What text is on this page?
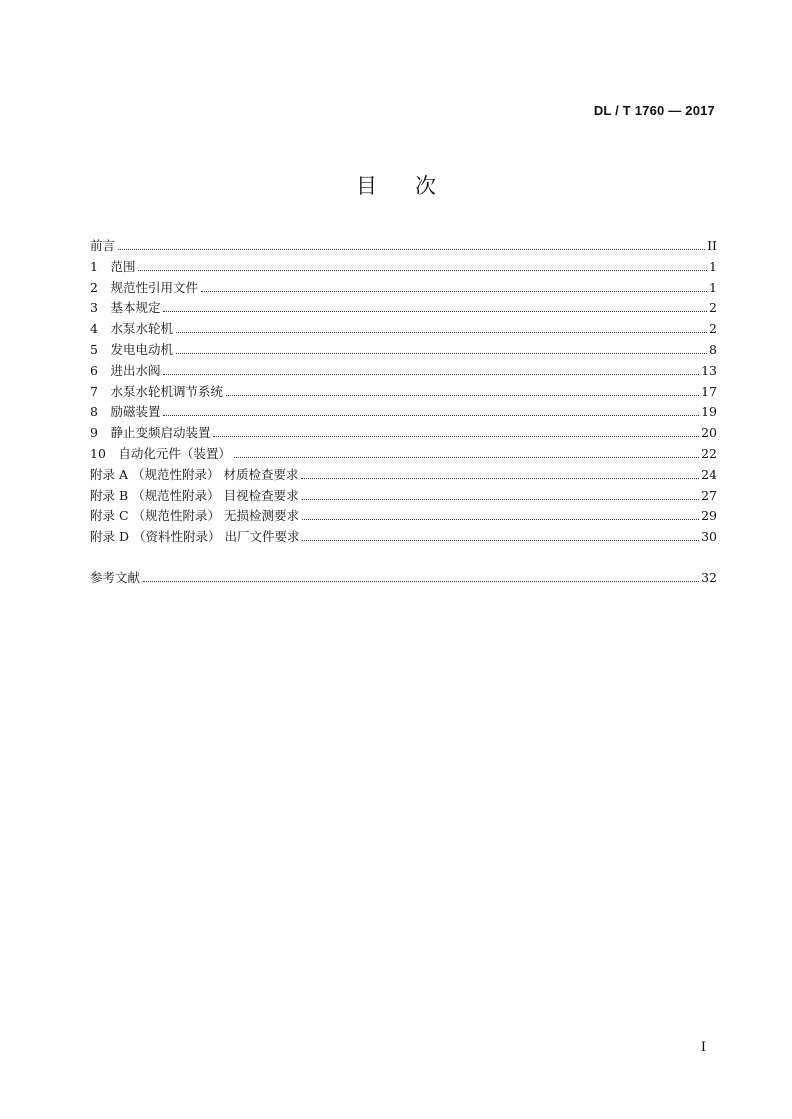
DL / T 1760 — 2017
目次
前言	II
1　 范围	1
2　 规范性引用文件	1
3　 基本规定	2
4　 水泵水轮机	2
5　 发电电动机	8
6　 进出水阀	13
7　 水泵水轮机调节系统	17
8　 励磁装置	19
9　 静止变频启动装置	20
10　 自动化元件（装置）	22
附录 A （规范性附录） 材质检查要求	24
附录 B （规范性附录） 目视检查要求	27
附录 C （规范性附录） 无损检测要求	29
附录 D （资料性附录） 出厂文件要求	30
参考文献	32
I
